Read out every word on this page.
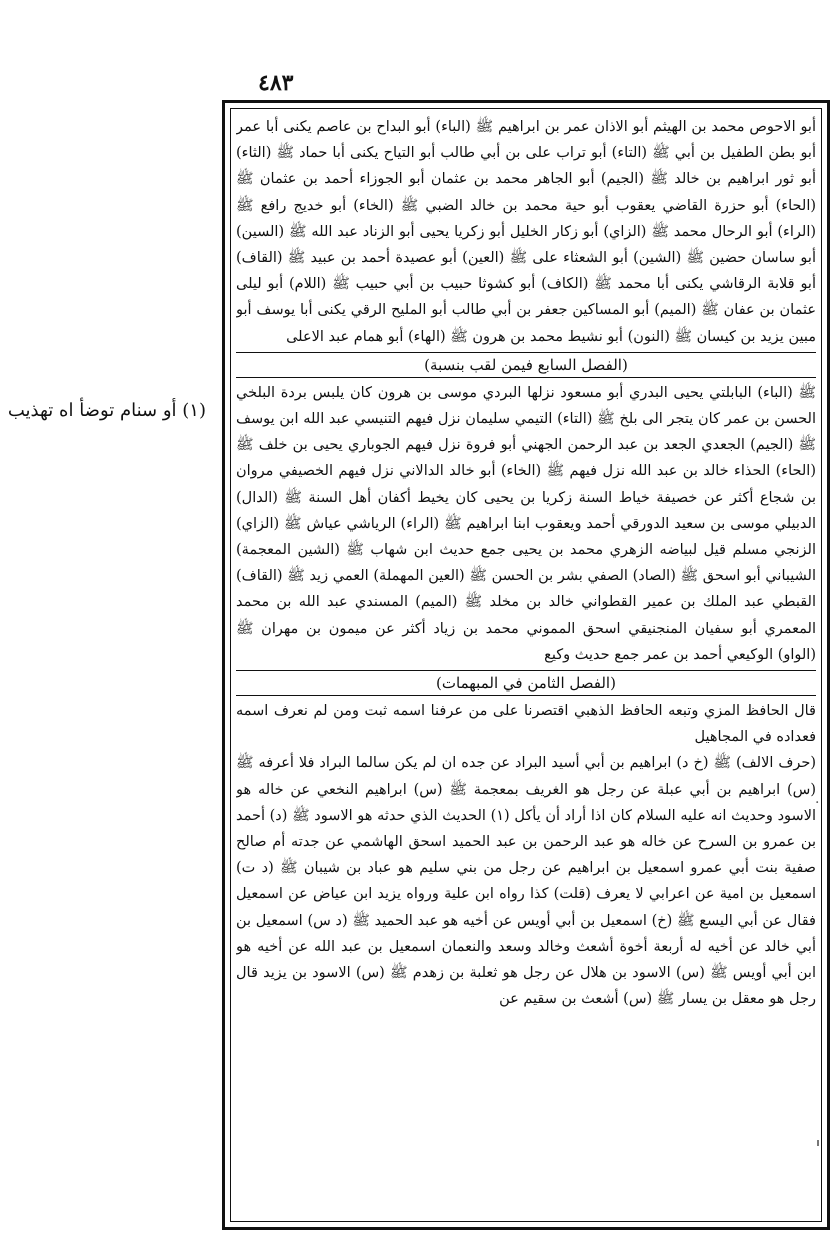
٤٨٣
(١) أو سنام توضأ اه تهذيب

أبو الاحوص محمد بن الهيثم أبو الاذان عمر بن ابراهيم ﷺ (الباء) أبو البداح بن عاصم يكنى أبا عمر أبو بطن الطفيل بن أبي ﷺ (التاء) أبو تراب على بن أبي طالب أبو التياح يكنى أبا حماد ﷺ (الثاء) أبو ثور ابراهيم بن خالد ﷺ (الجيم) أبو الجاهر محمد بن عثمان أبو الجوزاء أحمد بن عثمان ﷺ (الحاء) أبو حزرة القاضي يعقوب أبو حية محمد بن خالد الضبي ﷺ (الخاء) أبو خديج رافع ﷺ (الراء) أبو الرحال محمد ﷺ (الزاي) أبو زكار الخليل أبو زكريا يحيى أبو الزناد عبد الله ﷺ (السين) أبو ساسان حضين ﷺ (الشين) أبو الشعثاء على ﷺ (العين) أبو عصيدة أحمد بن عبيد ﷺ (القاف) أبو قلابة الرقاشي يكنى أبا محمد ﷺ (الكاف) أبو كشوثا حبيب بن أبي حبيب ﷺ (اللام) أبو ليلى عثمان بن عفان ﷺ (الميم) أبو المساكين جعفر بن أبي طالب أبو المليح الرقي يكنى أبا يوسف أبو مبين يزيد بن كيسان ﷺ (النون) أبو نشيط محمد بن هرون ﷺ (الهاء) أبو همام عبد الاعلى

(الفصل السابع فيمن لقب بنسبة)

ﷺ (الباء) البابلتي يحيى البدري أبو مسعود نزلها البردي موسى بن هرون كان يلبس بردة البلخي الحسن بن عمر كان يتجر الى بلخ ﷺ (التاء) التيمي سليمان نزل فيهم التنيسي عبد الله ابن يوسف ﷺ (الجيم) الجعدي الجعد بن عبد الرحمن الجهني أبو فروة نزل فيهم الجوباري يحيى بن خلف ﷺ (الحاء) الحذاء خالد بن عبد الله نزل فيهم ﷺ (الخاء) أبو خالد الدالاني نزل فيهم الخصيفي مروان بن شجاع أكثر عن خصيفة خياط السنة زكريا بن يحيى كان يخيط أكفان أهل السنة ﷺ (الدال) الدبيلي موسى بن سعيد الدورقي أحمد ويعقوب ابنا ابراهيم ﷺ (الراء) الرياشي عياش ﷺ (الزاي) الزنجي مسلم قيل لبياضه الزهري محمد بن يحيى جمع حديث ابن شهاب ﷺ (الشين المعجمة) الشيباني أبو اسحق ﷺ (الصاد) الصفي بشر بن الحسن ﷺ (العين المهملة) العمي زيد ﷺ (القاف) القبطي عبد الملك بن عمير القطواني خالد بن مخلد ﷺ (الميم) المسندي عبد الله بن محمد المعمري أبو سفيان المنجنيقي اسحق المموني محمد بن زياد أكثر عن ميمون بن مهران ﷺ (الواو) الوكيعي أحمد بن عمر جمع حديث وكيع

(الفصل الثامن في المبهمات)

قال الحافظ المزي وتبعه الحافظ الذهبي اقتصرنا على من عرفنا اسمه ثبت ومن لم نعرف اسمه فعداده في المجاهيل

(حرف الالف) ﷺ (خ د) ابراهيم بن أبي أسيد البراد عن جده ان لم يكن سالما البراد فلا أعرفه ﷺ (س) ابراهيم بن أبي عبلة عن رجل هو الغريف بمعجمة ﷺ (س) ابراهيم النخعي عن خاله هو الاسود وحديث انه عليه السلام كان اذا أراد أن يأكل (١) الحديث الذي حدثه هو الاسود ﷺ (د) أحمد بن عمرو بن السرح عن خاله هو عبد الرحمن بن عبد الحميد اسحق الهاشمي عن جدته أم صالح صفية بنت أبي عمرو اسمعيل بن ابراهيم عن رجل من بني سليم هو عباد بن شيبان ﷺ (د ت) اسمعيل بن امية عن اعرابي لا يعرف (قلت) كذا رواه ابن علية ورواه يزيد ابن عياض عن اسمعيل فقال عن أبي اليسع ﷺ (خ) اسمعيل بن أبي أويس عن أخيه هو عبد الحميد ﷺ (د س) اسمعيل بن أبي خالد عن أخيه له أربعة أخوة أشعث وخالد وسعد والنعمان اسمعيل بن عبد الله عن أخيه هو ابن أبي أويس ﷺ (س) الاسود بن هلال عن رجل هو ثعلبة بن زهدم ﷺ (س) الاسود بن يزيد قال رجل هو معقل بن يسار ﷺ (س) أشعث بن سقيم عن

·
